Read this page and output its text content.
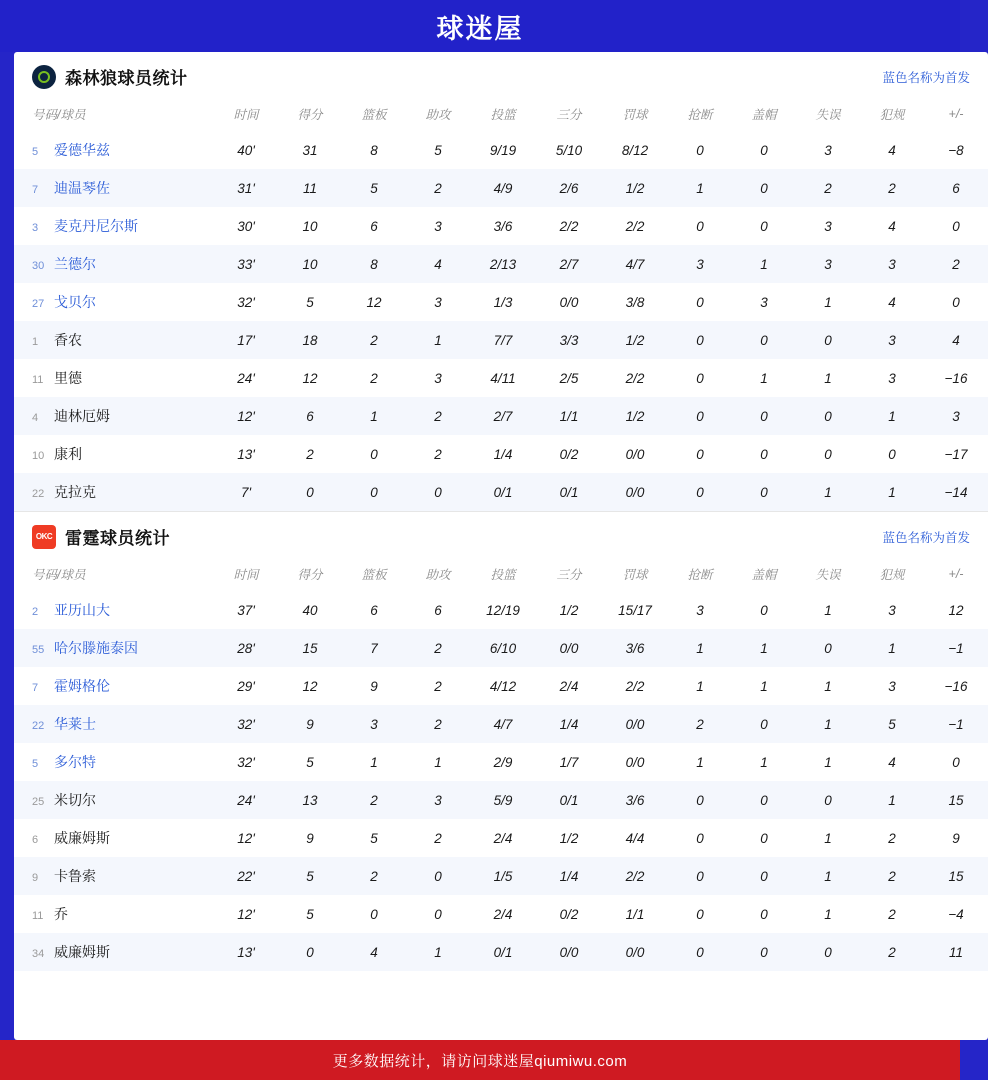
球迷屋
森林狼球员统计	蓝色名称为首发
号码/球员	时间	得分	篮板	助攻	投篮	三分	罚球	抢断	盖帽	失误	犯规	+/-
5 爱德华兹	40'	31	8	5	9/19	5/10	8/12	0	0	3	4	−8
7 迪温琴佐	31'	11	5	2	4/9	2/6	1/2	1	0	2	2	6
3 麦克丹尼尔斯	30'	10	6	3	3/6	2/2	2/2	0	0	3	4	0
30 兰德尔	33'	10	8	4	2/13	2/7	4/7	3	1	3	3	2
27 戈贝尔	32'	5	12	3	1/3	0/0	3/8	0	3	1	4	0
1 香农	17'	18	2	1	7/7	3/3	1/2	0	0	0	3	4
11 里德	24'	12	2	3	4/11	2/5	2/2	0	1	1	3	−16
4 迪林厄姆	12'	6	1	2	2/7	1/1	1/2	0	0	0	1	3
10 康利	13'	2	0	2	1/4	0/2	0/0	0	0	0	0	−17
22 克拉克	7'	0	0	0	0/1	0/1	0/0	0	0	1	1	−14
OKC 雷霆球员统计	蓝色名称为首发
号码/球员	时间	得分	篮板	助攻	投篮	三分	罚球	抢断	盖帽	失误	犯规	+/-
2 亚历山大	37'	40	6	6	12/19	1/2	15/17	3	0	1	3	12
55 哈尔滕施泰因	28'	15	7	2	6/10	0/0	3/6	1	1	0	1	−1
7 霍姆格伦	29'	12	9	2	4/12	2/4	2/2	1	1	1	3	−16
22 华莱士	32'	9	3	2	4/7	1/4	0/0	2	0	1	5	−1
5 多尔特	32'	5	1	1	2/9	1/7	0/0	1	1	1	4	0
25 米切尔	24'	13	2	3	5/9	0/1	3/6	0	0	0	1	15
6 威廉姆斯	12'	9	5	2	2/4	1/2	4/4	0	0	1	2	9
9 卡鲁索	22'	5	2	0	1/5	1/4	2/2	0	0	1	2	15
11 乔	12'	5	0	0	2/4	0/2	1/1	0	0	1	2	−4
34 威廉姆斯	13'	0	4	1	0/1	0/0	0/0	0	0	0	2	11
更多数据统计，请访问球迷屋qiumiwu.com
